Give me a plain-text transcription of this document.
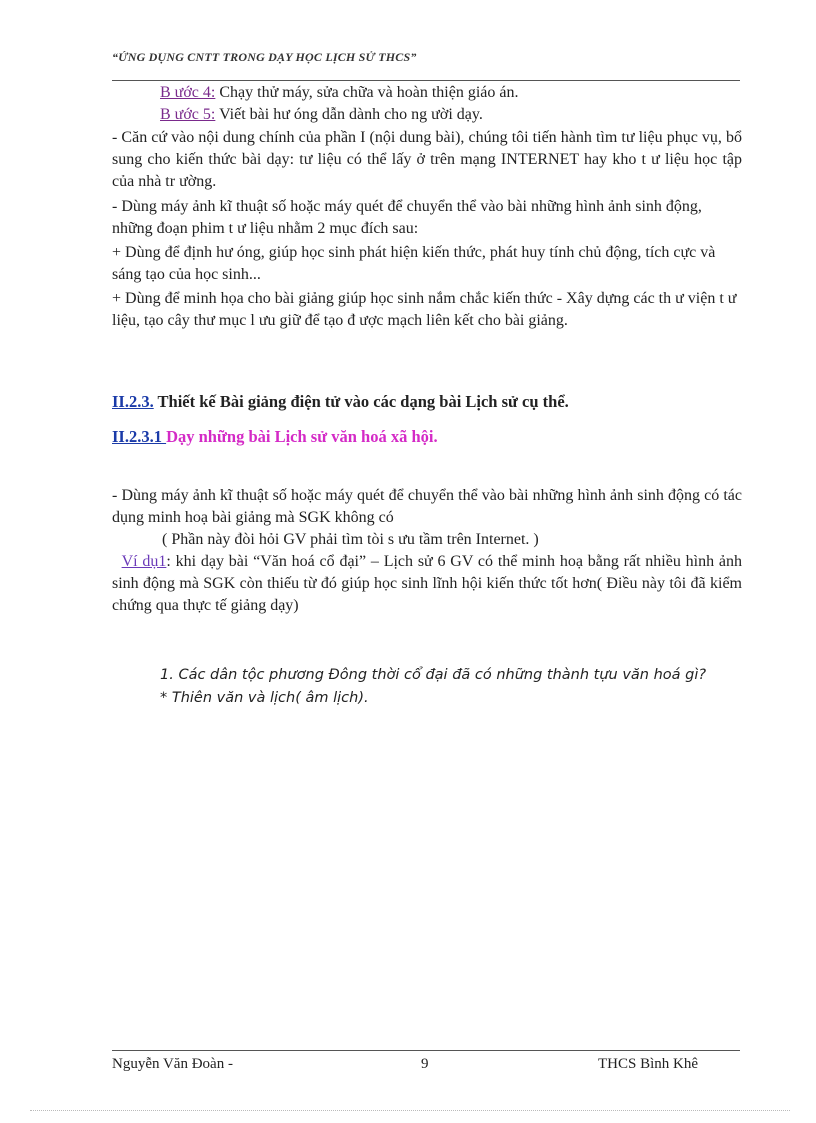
“ỨNG DỤNG CNTT TRONG DẠY HỌC LỊCH SỬ THCS”
B ước 4: Chạy thử máy, sửa chữa và hoàn thiện giáo án.
B ước 5: Viết bài hư óng dẫn dành cho ng ười dạy.
- Căn cứ vào nội dung chính của phần I (nội dung bài), chúng tôi tiến hành tìm tư liệu phục vụ, bổ sung cho kiến thức bài dạy: tư liệu có thể lấy ở trên mạng INTERNET hay kho t ư liệu học tập của nhà tr ường.
- Dùng máy ảnh kĩ thuật số hoặc máy quét để chuyển thể vào bài những hình ảnh sinh động, những đoạn phim t ư liệu nhằm 2 mục đích sau:
+ Dùng để định hư óng, giúp học sinh phát hiện kiến thức, phát huy tính chủ động, tích cực và sáng tạo của học sinh...
+ Dùng để minh họa cho bài giảng giúp học sinh nắm chắc kiến thức - Xây dựng các th ư viện t ư liệu, tạo cây thư mục l ưu giữ để tạo đ ược mạch liên kết cho bài giảng.
II.2.3. Thiết kế Bài giảng điện tử vào các dạng bài Lịch sử cụ thể.
II.2.3.1 Dạy những bài Lịch sử văn hoá xã hội.
- Dùng máy ảnh kĩ thuật số hoặc máy quét để chuyển thể vào bài những hình ảnh sinh động có tác dụng minh hoạ bài giảng mà SGK không có
( Phần này đòi hỏi GV phải tìm tòi s ưu tầm trên Internet. )
Ví dụ1: khi dạy bài “Văn hoá cổ đại” – Lịch sử 6 GV có thể minh hoạ bằng rất nhiều hình ảnh sinh động mà SGK còn thiếu từ đó giúp học sinh lĩnh hội kiến thức tốt hơn( Điều này tôi đã kiểm chứng qua thực tế giảng dạy)
1. Các dân tộc phương Đông thời cổ đại đã có những thành tựu văn hoá gì?
* Thiên văn và lịch( âm lịch).
Nguyễn Văn Đoàn -	9	THCS Bình Khê
